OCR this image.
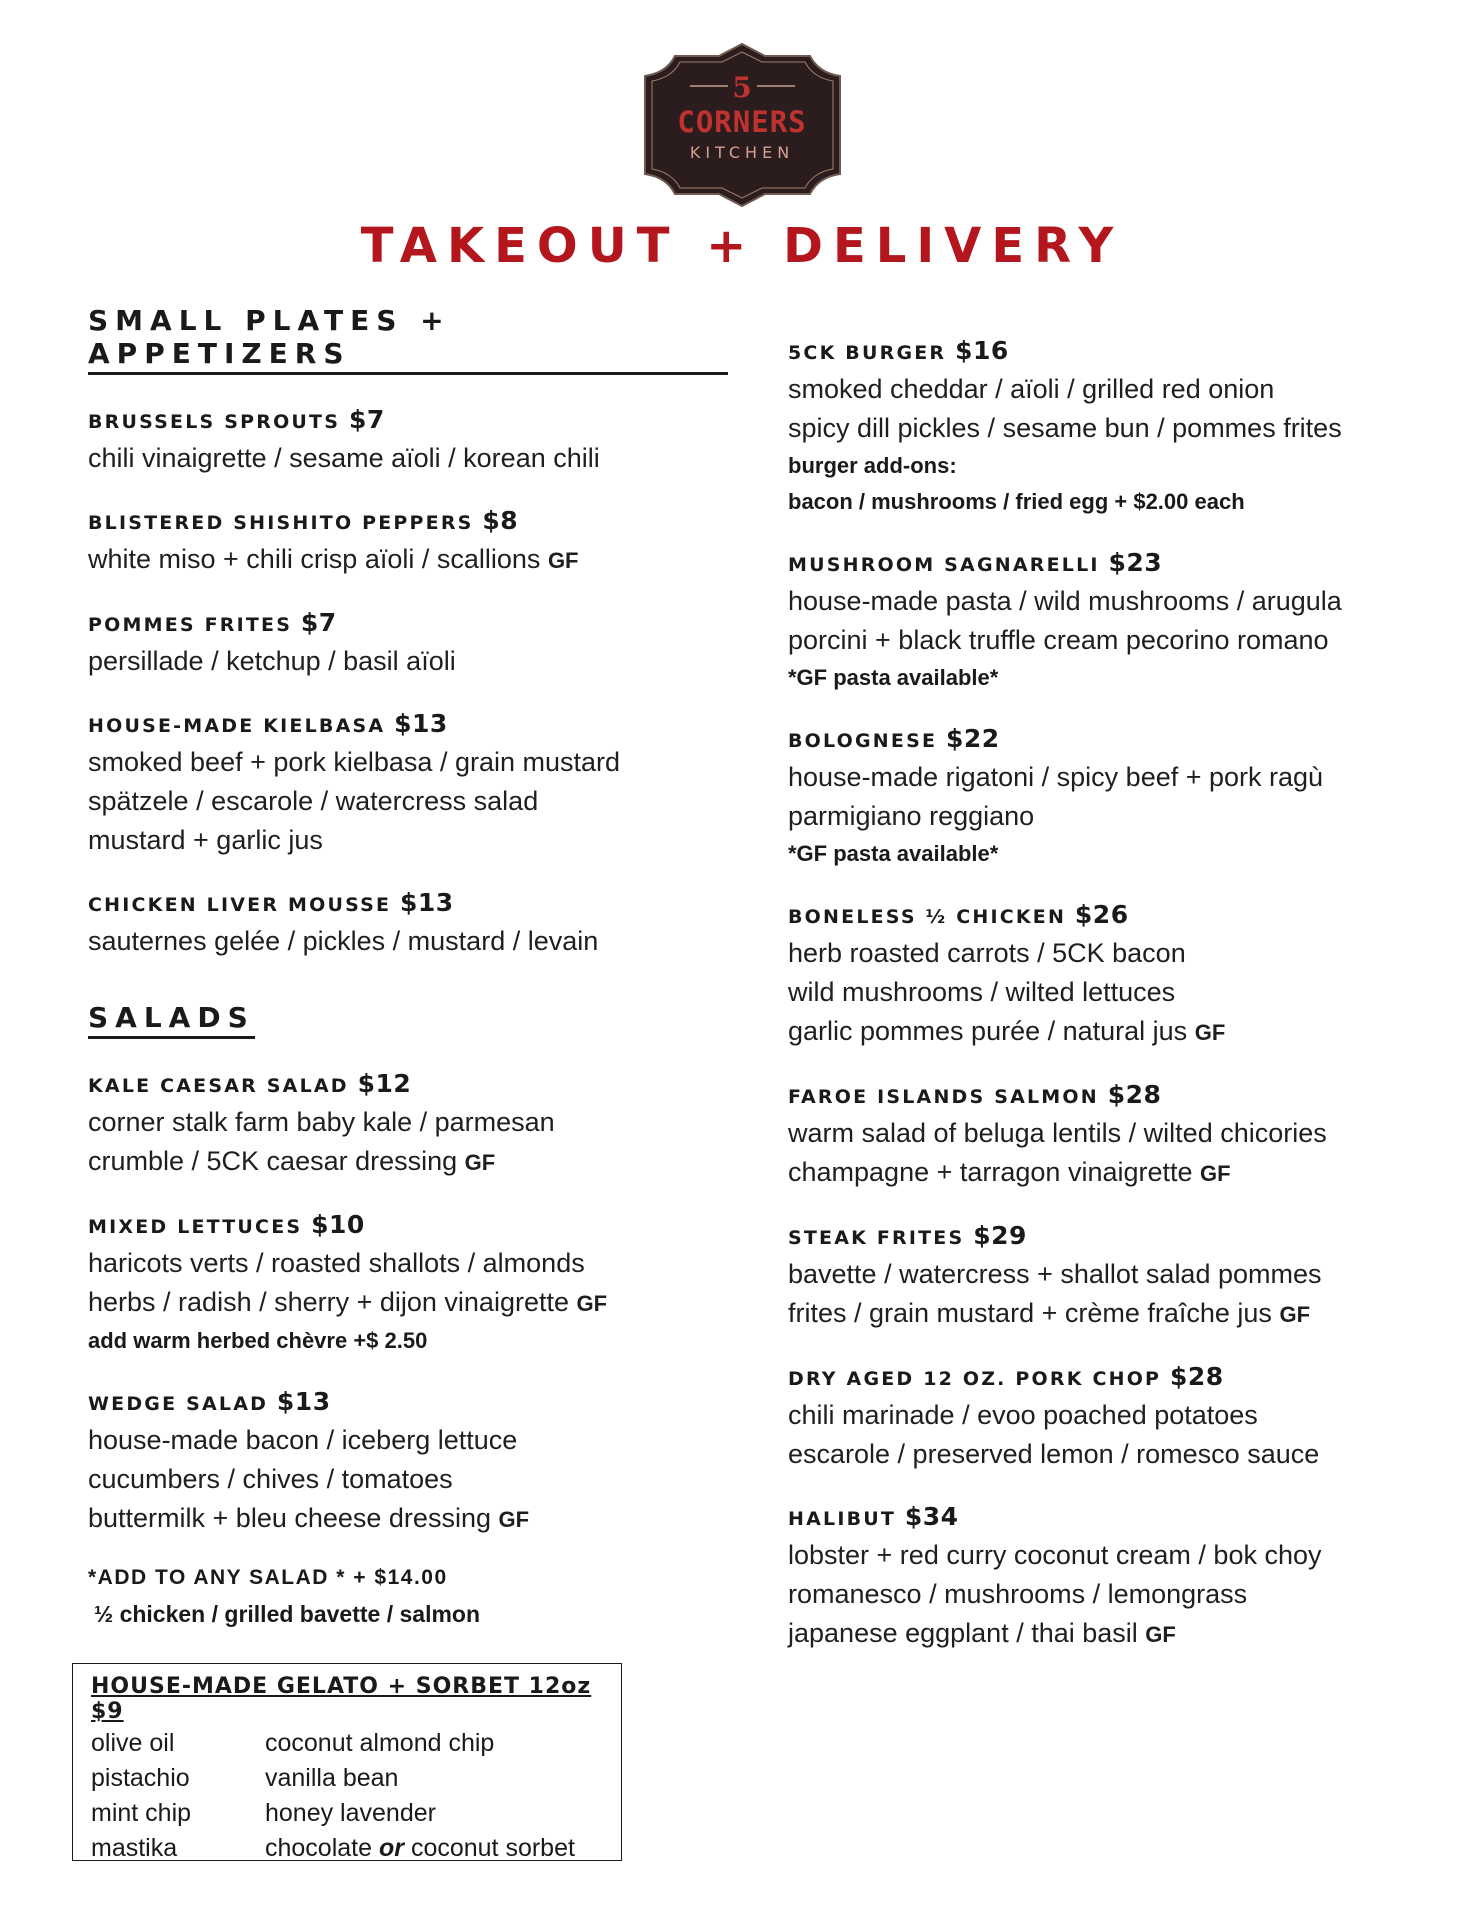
5
CORNERS
KITCHEN
TAKEOUT + DELIVERY
SMALL PLATES + APPETIZERS
BRUSSELS SPROUTS $7
chili vinaigrette / sesame aïoli / korean chili
BLISTERED SHISHITO PEPPERS $8
white miso + chili crisp aïoli / scallions GF
POMMES FRITES $7
persillade / ketchup / basil aïoli
HOUSE-MADE KIELBASA $13
smoked beef + pork kielbasa / grain mustard
spätzele / escarole / watercress salad
mustard + garlic jus
CHICKEN LIVER MOUSSE $13
sauternes gelée / pickles / mustard / levain
SALADS
KALE CAESAR SALAD $12
corner stalk farm baby kale / parmesan
crumble / 5CK caesar dressing GF
MIXED LETTUCES $10
haricots verts / roasted shallots / almonds
herbs / radish / sherry + dijon vinaigrette GF
add warm herbed chèvre +$ 2.50
WEDGE SALAD $13
house-made bacon / iceberg lettuce
cucumbers / chives / tomatoes
buttermilk + bleu cheese dressing GF
*ADD TO ANY SALAD * + $14.00
½ chicken / grilled bavette / salmon
HOUSE-MADE GELATO + SORBET 12oz $9
olive oil	coconut almond chip
pistachio	vanilla bean
mint chip	honey lavender
mastika	chocolate or coconut sorbet
5CK BURGER $16
smoked cheddar / aïoli / grilled red onion
spicy dill pickles / sesame bun / pommes frites
burger add-ons:
bacon / mushrooms / fried egg + $2.00 each
MUSHROOM SAGNARELLI $23
house-made pasta / wild mushrooms / arugula
porcini + black truffle cream pecorino romano
*GF pasta available*
BOLOGNESE $22
house-made rigatoni / spicy beef + pork ragù
parmigiano reggiano
*GF pasta available*
BONELESS ½ CHICKEN $26
herb roasted carrots / 5CK bacon
wild mushrooms / wilted lettuces
garlic pommes purée / natural jus GF
FAROE ISLANDS SALMON $28
warm salad of beluga lentils / wilted chicories
champagne + tarragon vinaigrette GF
STEAK FRITES $29
bavette / watercress + shallot salad pommes
frites / grain mustard + crème fraîche jus GF
DRY AGED 12 OZ. PORK CHOP $28
chili marinade / evoo poached potatoes
escarole / preserved lemon / romesco sauce
HALIBUT $34
lobster + red curry coconut cream / bok choy
romanesco / mushrooms / lemongrass
japanese eggplant / thai basil GF
